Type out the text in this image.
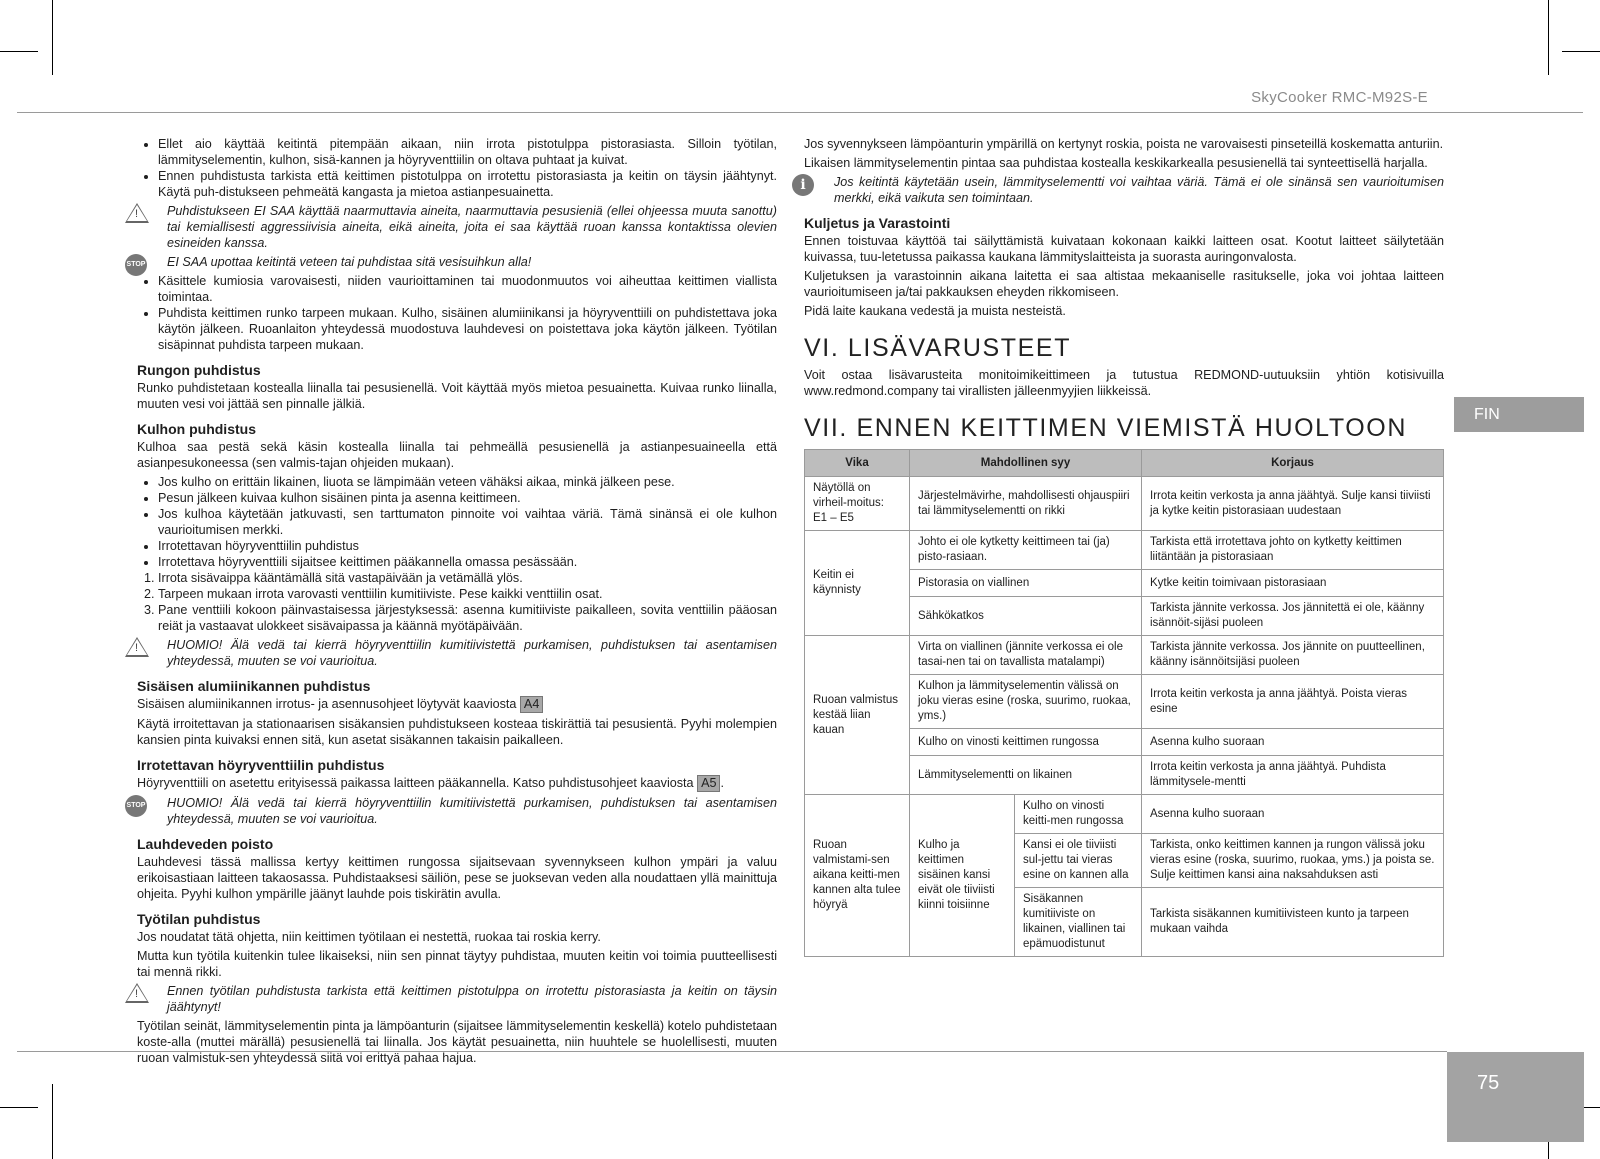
SkyCooker RMC-M92S-E
FIN
75
• Ellet aio käyttää keitintä pitempään aikaan, niin irrota pistotulppa pistorasiasta. Silloin työtilan, lämmityselementin, kulhon, sisä-kannen ja höyryventtiilin on oltava puhtaat ja kuivat.
• Ennen puhdistusta tarkista että keittimen pistotulppa on irrotettu pistorasiasta ja keitin on täysin jäähtynyt. Käytä puh-distukseen pehmeätä kangasta ja mietoa astianpesuainetta.
! Puhdistukseen EI SAA käyttää naarmuttavia aineita, naarmuttavia pesusieniä (ellei ohjeessa muuta sanottu) tai kemiallisesti aggressiivisia aineita, eikä aineita, joita ei saa käyttää ruoan kanssa kontaktissa olevien esineiden kanssa.
STOP EI SAA upottaa keitintä veteen tai puhdistaa sitä vesisuihkun alla!
• Käsittele kumiosia varovaisesti, niiden vaurioittaminen tai muodonmuutos voi aiheuttaa keittimen viallista toimintaa.
• Puhdista keittimen runko tarpeen mukaan. Kulho, sisäinen alumiinikansi ja höyryventtiili on puhdistettava joka käytön jälkeen. Ruoanlaiton yhteydessä muodostuva lauhdevesi on poistettava joka käytön jälkeen. Työtilan sisäpinnat puhdista tarpeen mukaan.
Rungon puhdistus

Runko puhdistetaan kostealla liinalla tai pesusienellä. Voit käyttää myös mietoa pesuainetta. Kuivaa runko liinalla, muuten vesi voi jättää sen pinnalle jälkiä.

Kulhon puhdistus

Kulhoa saa pestä sekä käsin kostealla liinalla tai pehmeällä pesusienellä ja astianpesuaineella että asianpesukoneessa (sen valmis-tajan ohjeiden mukaan).

• Jos kulho on erittäin likainen, liuota se lämpimään veteen vähäksi aikaa, minkä jälkeen pese.
• Pesun jälkeen kuivaa kulhon sisäinen pinta ja asenna keittimeen.
• Jos kulhoa käytetään jatkuvasti, sen tarttumaton pinnoite voi vaihtaa väriä. Tämä sinänsä ei ole kulhon vaurioitumisen merkki.
• Irrotettavan höyryventtiilin puhdistus
• Irrotettava höyryventtiili sijaitsee keittimen pääkannella omassa pesässään.
1. Irrota sisävaippa kääntämällä sitä vastapäivään ja vetämällä ylös.
2. Tarpeen mukaan irrota varovasti venttiilin kumitiiviste. Pese kaikki venttiilin osat.
3. Pane venttiili kokoon päinvastaisessa järjestyksessä: asenna kumitiiviste paikalleen, sovita venttiilin pääosan reiät ja vastaavat ulokkeet sisävaipassa ja käännä myötäpäivään.
! HUOMIO! Älä vedä tai kierrä höyryventtiilin kumitiivistettä purkamisen, puhdistuksen tai asentamisen yhteydessä, muuten se voi vaurioitua.
Sisäisen alumiinikannen puhdistus

Sisäisen alumiinikannen irrotus- ja asennusohjeet löytyvät kaaviosta A4

Käytä irroitettavan ja stationaarisen sisäkansien puhdistukseen kosteaa tiskirättiä tai pesusientä. Pyyhi molempien kansien pinta kuivaksi ennen sitä, kun asetat sisäkannen takaisin paikalleen.

Irrotettavan höyryventtiilin puhdistus

Höyryventtiili on asetettu erityisessä paikassa laitteen pääkannella. Katso puhdistusohjeet kaaviosta A5 .

STOP HUOMIO! Älä vedä tai kierrä höyryventtiilin kumitiivistettä purkamisen, puhdistuksen tai asentamisen yhteydessä, muuten se voi vaurioitua.
Lauhdeveden poisto

Lauhdevesi tässä mallissa kertyy keittimen rungossa sijaitsevaan syvennykseen kulhon ympäri ja valuu erikoisastiaan laitteen takaosassa. Puhdistaaksesi säiliön, pese se juoksevan veden alla noudattaen yllä mainittuja ohjeita. Pyyhi kulhon ympärille jäänyt lauhde pois tiskirätin avulla.

Työtilan puhdistus

Jos noudatat tätä ohjetta, niin keittimen työtilaan ei nestettä, ruokaa tai roskia kerry.

Mutta kun työtila kuitenkin tulee likaiseksi, niin sen pinnat täytyy puhdistaa, muuten keitin voi toimia puutteellisesti tai mennä rikki.

! Ennen työtilan puhdistusta tarkista että keittimen pistotulppa on irrotettu pistorasiasta ja keitin on täysin jäähtynyt!

Työtilan seinät, lämmityselementin pinta ja lämpöanturin (sijaitsee lämmityselementin keskellä) kotelo puhdistetaan koste-alla (muttei märällä) pesusienellä tai liinalla. Jos käytät pesuainetta, niin huuhtele se huolellisesti, muuten ruoan valmistuk-sen yhteydessä siitä voi erittyä pahaa hajua.

Jos syvennykseen lämpöanturin ympärillä on kertynyt roskia, poista ne varovaisesti pinseteillä koskematta anturiin.

Likaisen lämmityselementin pintaa saa puhdistaa kostealla keskikarkealla pesusienellä tai synteettisellä harjalla.

i	Jos keitintä käytetään usein, lämmityselementti voi vaihtaa väriä. Tämä ei ole sinänsä sen vaurioitumisen merkki, eikä vaikuta sen toimintaan.
Kuljetus ja Varastointi

Ennen toistuvaa käyttöä tai säilyttämistä kuivataan kokonaan kaikki laitteen osat. Kootut laitteet säilytetään kuivassa, tuu-letetussa paikassa kaukana lämmityslaitteista ja suorasta auringonvalosta.

Kuljetuksen ja varastoinnin aikana laitetta ei saa altistaa mekaaniselle rasitukselle, joka voi johtaa laitteen vaurioitumiseen ja/tai pakkauksen eheyden rikkomiseen.

Pidä laite kaukana vedestä ja muista nesteistä.

VI. LISÄVARUSTEET

Voit ostaa lisävarusteita monitoimikeittimeen ja tutustua REDMOND-uutuuksiin yhtiön kotisivuilla www.redmond.company tai virallisten jälleenmyyjien liikkeissä.

VII. ENNEN KEITTIMEN VIEMISTÄ HUOLTOON
Vika	Mahdollinen syy		Korjaus
Näytöllä on virheil-moitus: E1 – E5	Järjestelmävirhe, mahdollisesti ohjauspiiri tai lämmityselementti on rikki		Irrota keitin verkosta ja anna jäähtyä. Sulje kansi tiiviisti ja kytke keitin pistorasiaan uudestaan
Keitin ei käynnisty	Johto ei ole kytketty keittimeen tai (ja) pisto-rasiaan.		Tarkista että irrotettava johto on kytketty keittimen liitäntään ja pistorasiaan
	Pistorasia on viallinen		Kytke keitin toimivaan pistorasiaan
	Sähkökatkos		Tarkista jännite verkossa. Jos jännitettä ei ole, käänny isännöit-sijäsi puoleen
Ruoan valmistus kestää liian kauan	Virta on viallinen (jännite verkossa ei ole tasai-nen tai on tavallista matalampi)		Tarkista jännite verkossa. Jos jännite on puutteellinen, käänny isännöitsijäsi puoleen
	Kulhon ja lämmityselementin välissä on joku vieras esine (roska, suurimo, ruokaa, yms.)		Irrota keitin verkosta ja anna jäähtyä. Poista vieras esine
	Kulho on vinosti keittimen rungossa		Asenna kulho suoraan
	Lämmityselementti on likainen		Irrota keitin verkosta ja anna jäähtyä. Puhdista lämmitysele-mentti
Ruoan valmistami-sen aikana keitti-men kannen alta tulee höyryä	Kulho ja keittimen sisäinen kansi eivät ole tiiviisti kiinni toisiinne	Kulho on vinosti keitti-men rungossa	Asenna kulho suoraan
		Kansi ei ole tiiviisti sul-jettu tai vieras esine on kannen alla	Tarkista, onko keittimen kannen ja rungon välissä joku vieras esine (roska, suurimo, ruokaa, yms.) ja poista se. Sulje keittimen kansi aina naksahduksen asti
		Sisäkannen kumitiiviste on likainen, viallinen tai epämuodistunut	Tarkista sisäkannen kumitiivisteen kunto ja tarpeen mukaan vaihda
